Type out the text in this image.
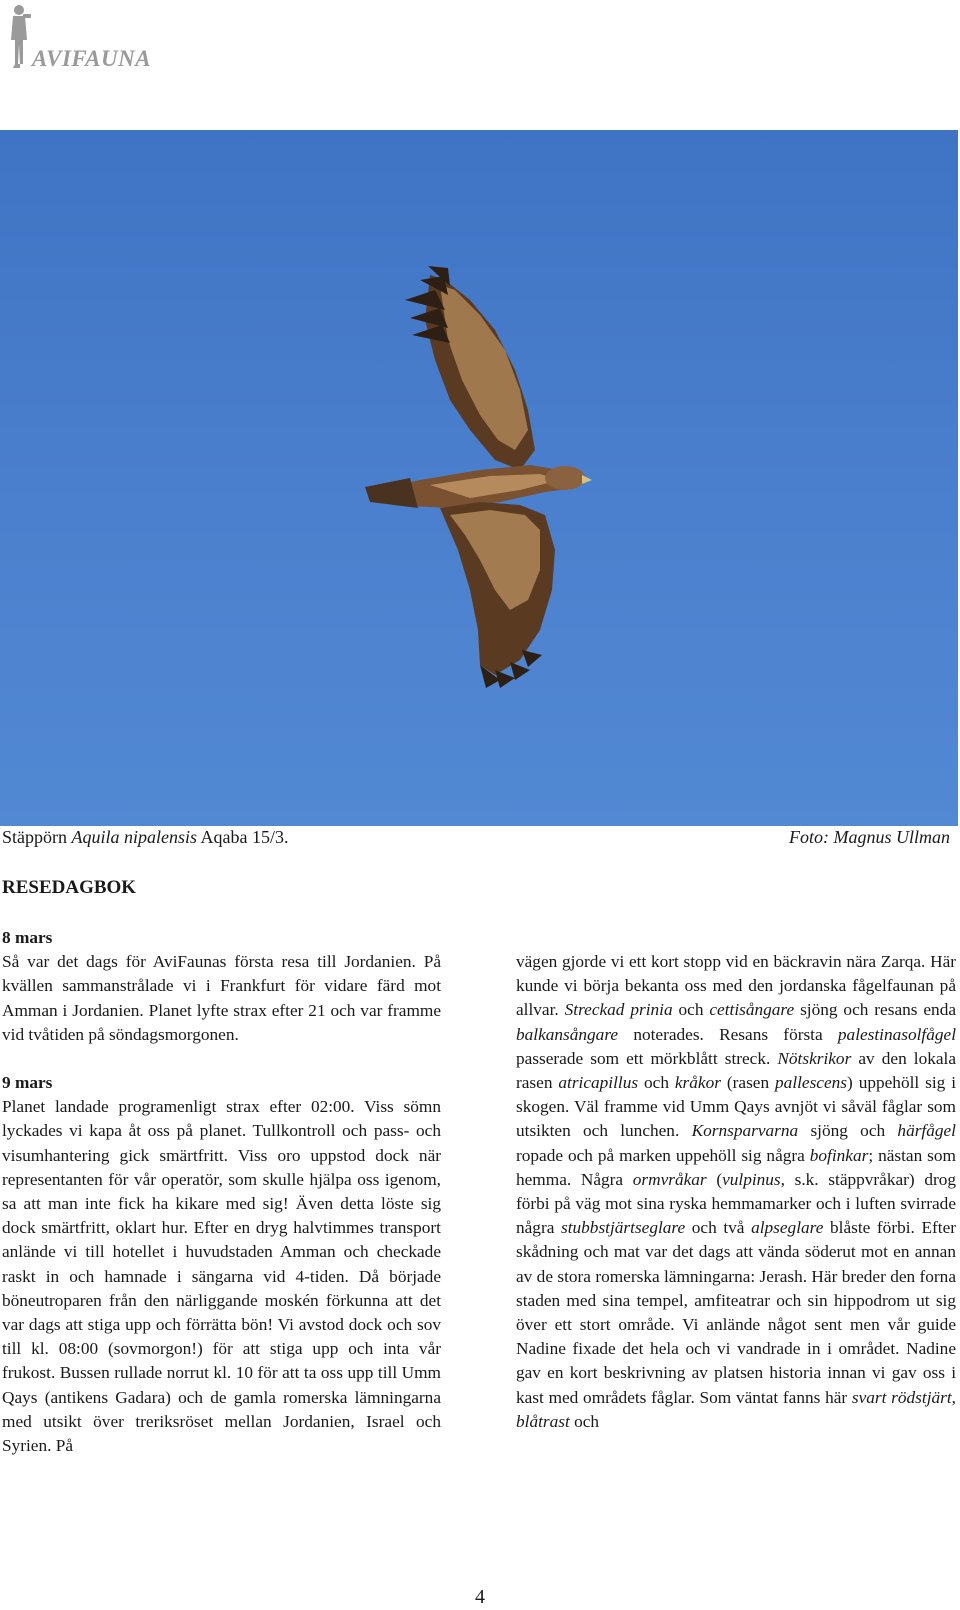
AVIFAUNA
Stäppörn Aquila nipalensis Aqaba 15/3.	Foto: Magnus Ullman
RESEDAGBOK

8 mars

Så var det dags för AviFaunas första resa till Jordanien. På kvällen sammanstrålade vi i Frankfurt för vidare färd mot Amman i Jordanien. Planet lyfte strax efter 21 och var framme vid tvåtiden på söndagsmorgonen.

9 mars

Planet landade programenligt strax efter 02:00. Viss sömn lyckades vi kapa åt oss på planet. Tullkontroll och pass- och visumhantering gick smärtfritt. Viss oro uppstod dock när representanten för vår operatör, som skulle hjälpa oss igenom, sa att man inte fick ha kikare med sig! Även detta löste sig dock smärtfritt, oklart hur. Efter en dryg halvtimmes transport anlände vi till hotellet i huvudstaden Amman och checkade raskt in och hamnade i sängarna vid 4-tiden. Då började böneutroparen från den närliggande moskén förkunna att det var dags att stiga upp och förrätta bön! Vi avstod dock och sov till kl. 08:00 (sovmorgon!) för att stiga upp och inta vår frukost. Bussen rullade norrut kl. 10 för att ta oss upp till Umm Qays (antikens Gadara) och de gamla romerska lämningarna med utsikt över treriksröset mellan Jordanien, Israel och Syrien. På

vägen gjorde vi ett kort stopp vid en bäckravin nära Zarqa. Här kunde vi börja bekanta oss med den jordanska fågelfaunan på allvar. Streckad prinia och cettisångare sjöng och resans enda balkansångare noterades. Resans första palestinasolfågel passerade som ett mörkblått streck. Nötskrikor av den lokala rasen atricapillus och kråkor (rasen pallescens) uppehöll sig i skogen. Väl framme vid Umm Qays avnjöt vi såväl fåglar som utsikten och lunchen. Kornsparvarna sjöng och härfågel ropade och på marken uppehöll sig några bofinkar; nästan som hemma. Några ormvråkar (vulpinus, s.k. stäppvråkar) drog förbi på väg mot sina ryska hemmamarker och i luften svirrade några stubbstjärtseglare och två alpseglare blåste förbi. Efter skådning och mat var det dags att vända söderut mot en annan av de stora romerska lämningarna: Jerash. Här breder den forna staden med sina tempel, amfiteatrar och sin hippodrom ut sig över ett stort område. Vi anlände något sent men vår guide Nadine fixade det hela och vi vandrade in i området. Nadine gav en kort beskrivning av platsen historia innan vi gav oss i kast med områdets fåglar. Som väntat fanns här svart rödstjärt, blåtrast och

4
